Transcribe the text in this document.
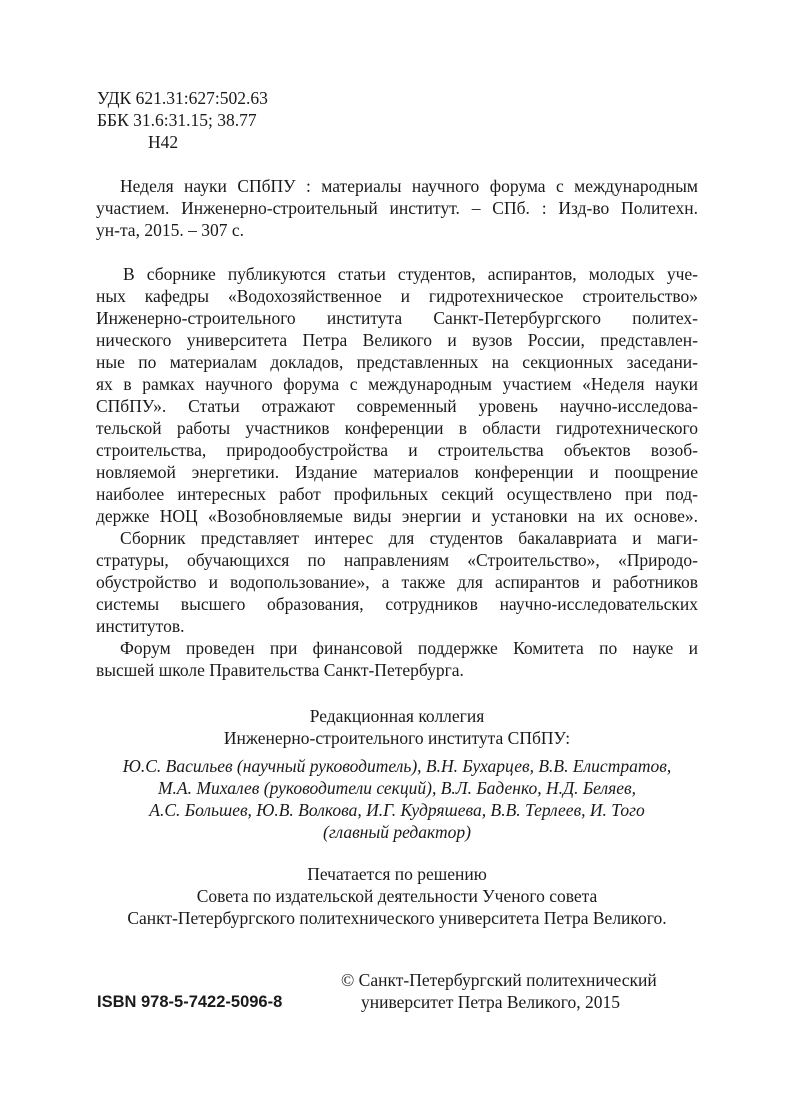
УДК 621.31:627:502.63
ББК 31.6:31.15; 38.77
Н42
Неделя науки СПбПУ : материалы научного форума с международным
участием. Инженерно-строительный институт. – СПб. : Изд-во Политехн.
ун-та, 2015. – 307 с.
В сборнике публикуются статьи студентов, аспирантов, молодых уче-
ных кафедры «Водохозяйственное и гидротехническое строительство»
Инженерно-строительного института Санкт-Петербургского политех-
нического университета Петра Великого и вузов России, представлен-
ные по материалам докладов, представленных на секционных заседани-
ях в рамках научного форума с международным участием «Неделя науки
СПбПУ». Статьи отражают современный уровень научно-исследова-
тельской работы участников конференции в области гидротехнического
строительства, природообустройства и строительства объектов возоб-
новляемой энергетики. Издание материалов конференции и поощрение
наиболее интересных работ профильных секций осуществлено при под-
держке НОЦ «Возобновляемые виды энергии и установки на их основе».
Сборник представляет интерес для студентов бакалавриата и маги-
стратуры, обучающихся по направлениям «Строительство», «Природо-
обустройство и водопользование», а также для аспирантов и работников
системы высшего образования, сотрудников научно-исследовательских
институтов.
Форум проведен при финансовой поддержке Комитета по науке и
высшей школе Правительства Санкт-Петербурга.
Редакционная коллегия
Инженерно-строительного института СПбПУ:
Ю.С. Васильев (научный руководитель), В.Н. Бухарцев, В.В. Елистратов,
М.А. Михалев (руководители секций), В.Л. Баденко, Н.Д. Беляев,
А.С. Большев, Ю.В. Волкова, И.Г. Кудряшева, В.В. Терлеев, И. Того
(главный редактор)
Печатается по решению
Совета по издательской деятельности Ученого совета
Санкт-Петербургского политехнического университета Петра Великого.
ISBN 978-5-7422-5096-8
© Санкт-Петербургский политехнический
университет Петра Великого, 2015
